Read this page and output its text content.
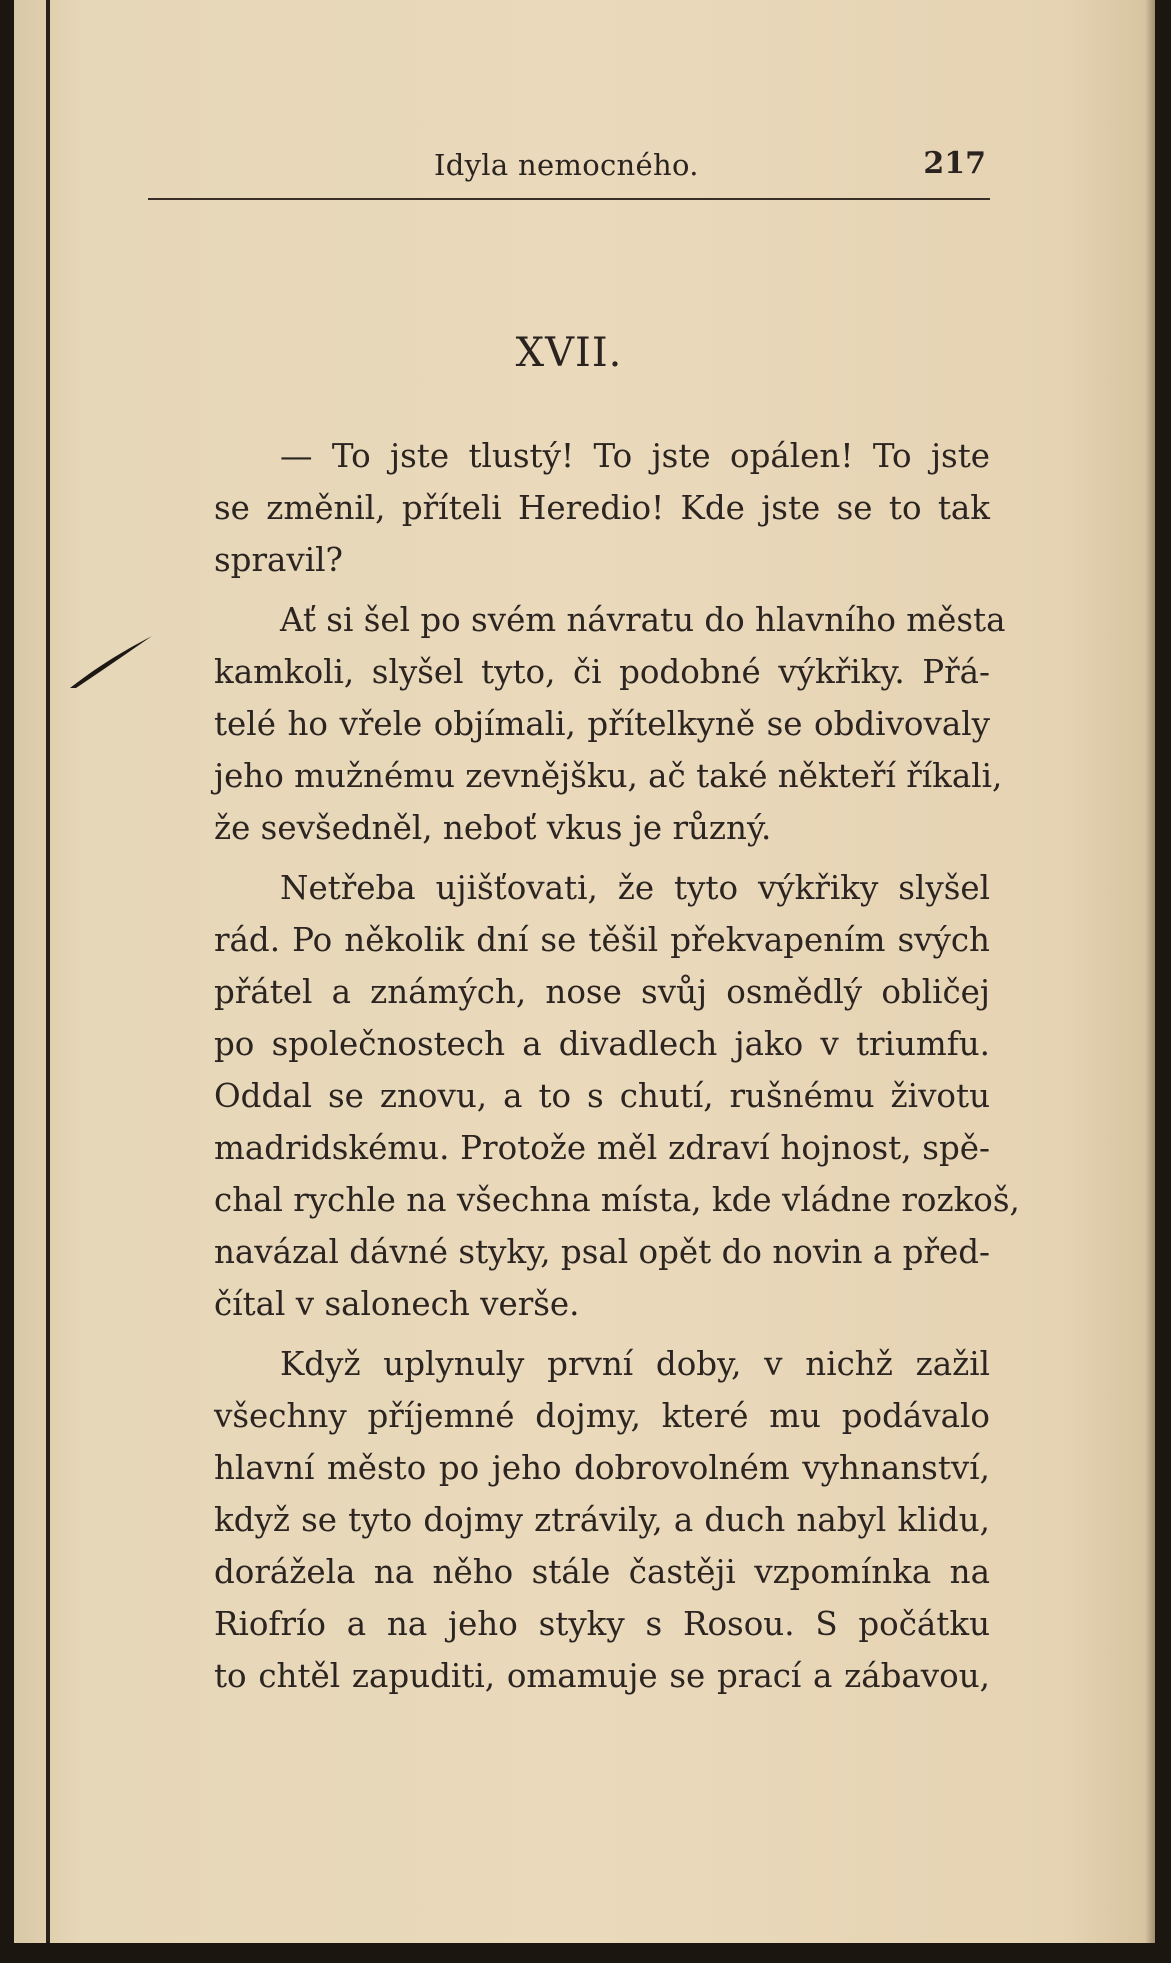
Idyla nemocného.	217
XVII.
— To jste tlustý! To jste opálen! To jste
se změnil, příteli Heredio! Kde jste se to tak
spravil?
Ať si šel po svém návratu do hlavního města
kamkoli, slyšel tyto, či podobné výkřiky. Přá-
telé ho vřele objímali, přítelkyně se obdivovaly
jeho mužnému zevnějšku, ač také někteří říkali,
že sevšedněl, neboť vkus je různý.
Netřeba ujišťovati, že tyto výkřiky slyšel
rád. Po několik dní se těšil překvapením svých
přátel a známých, nose svůj osmědlý obličej
po společnostech a divadlech jako v triumfu.
Oddal se znovu, a to s chutí, rušnému životu
madridskému. Protože měl zdraví hojnost, spě-
chal rychle na všechna místa, kde vládne rozkoš,
navázal dávné styky, psal opět do novin a před-
čítal v salonech verše.
Když uplynuly první doby, v nichž zažil
všechny příjemné dojmy, které mu podávalo
hlavní město po jeho dobrovolném vyhnanství,
když se tyto dojmy ztrávily, a duch nabyl klidu,
dorážela na něho stále častěji vzpomínka na
Riofrío a na jeho styky s Rosou. S počátku
to chtěl zapuditi, omamuje se prací a zábavou,
